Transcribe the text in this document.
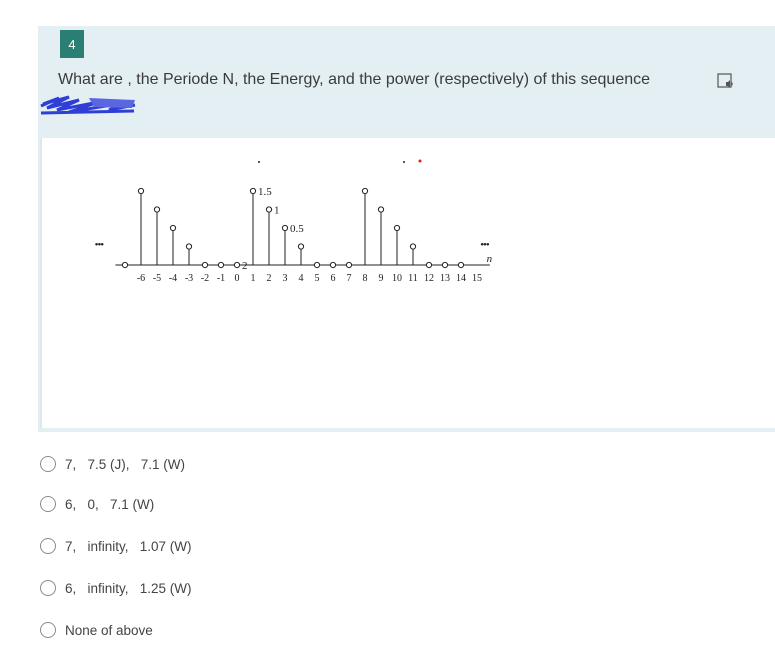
4
What are , the Periode N, the Energy, and the power (respectively) of this sequence
-6 -5 -4 -3 -2 -1 0 1 2 3 4 5 6 7 8 9 10 11 12 13 14 15
2
1.5
1
0.5
n
•••	•••
7,   7.5 (J),   7.1 (W)
6,   0,   7.1 (W)
7,   infinity,   1.07 (W)
6,   infinity,   1.25 (W)
None of above
